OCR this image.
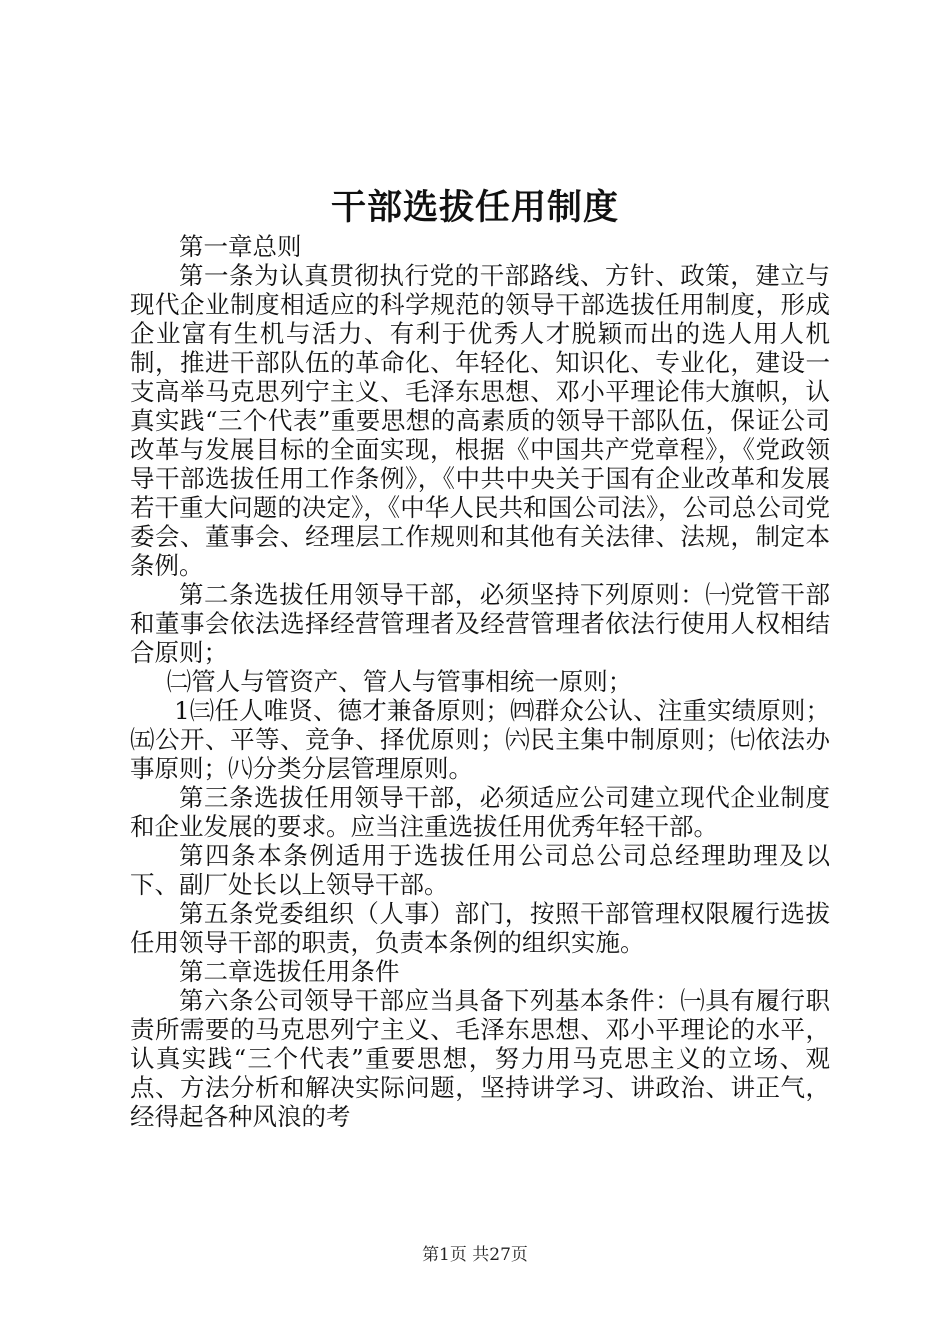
干部选拔任用制度

第一章总则

第一条为认真贯彻执行党的干部路线、方针、政策，建立与现代企业制度相适应的科学规范的领导干部选拔任用制度，形成企业富有生机与活力、有利于优秀人才脱颖而出的选人用人机制，推进干部队伍的革命化、年轻化、知识化、专业化，建设一支高举马克思列宁主义、毛泽东思想、邓小平理论伟大旗帜，认真实践“三个代表”重要思想的高素质的领导干部队伍，保证公司改革与发展目标的全面实现，根据《中国共产党章程》，《党政领导干部选拔任用工作条例》，《中共中央关于国有企业改革和发展若干重大问题的决定》，《中华人民共和国公司法》，公司总公司党委会、董事会、经理层工作规则和其他有关法律、法规，制定本条例。

第二条选拔任用领导干部，必须坚持下列原则：㈠党管干部和董事会依法选择经营管理者及经营管理者依法行使用人权相结合原则；

㈡管人与管资产、管人与管事相统一原则；

1㈢任人唯贤、德才兼备原则；㈣群众公认、注重实绩原则；㈤公开、平等、竞争、择优原则；㈥民主集中制原则；㈦依法办事原则；㈧分类分层管理原则。

第三条选拔任用领导干部，必须适应公司建立现代企业制度和企业发展的要求。应当注重选拔任用优秀年轻干部。

第四条本条例适用于选拔任用公司总公司总经理助理及以下、副厂处长以上领导干部。

第五条党委组织（人事）部门，按照干部管理权限履行选拔任用领导干部的职责，负责本条例的组织实施。

第二章选拔任用条件

第六条公司领导干部应当具备下列基本条件：㈠具有履行职责所需要的马克思列宁主义、毛泽东思想、邓小平理论的水平，认真实践“三个代表”重要思想，努力用马克思主义的立场、观点、方法分析和解决实际问题，坚持讲学习、讲政治、讲正气，经得起各种风浪的考

第1页 共27页
